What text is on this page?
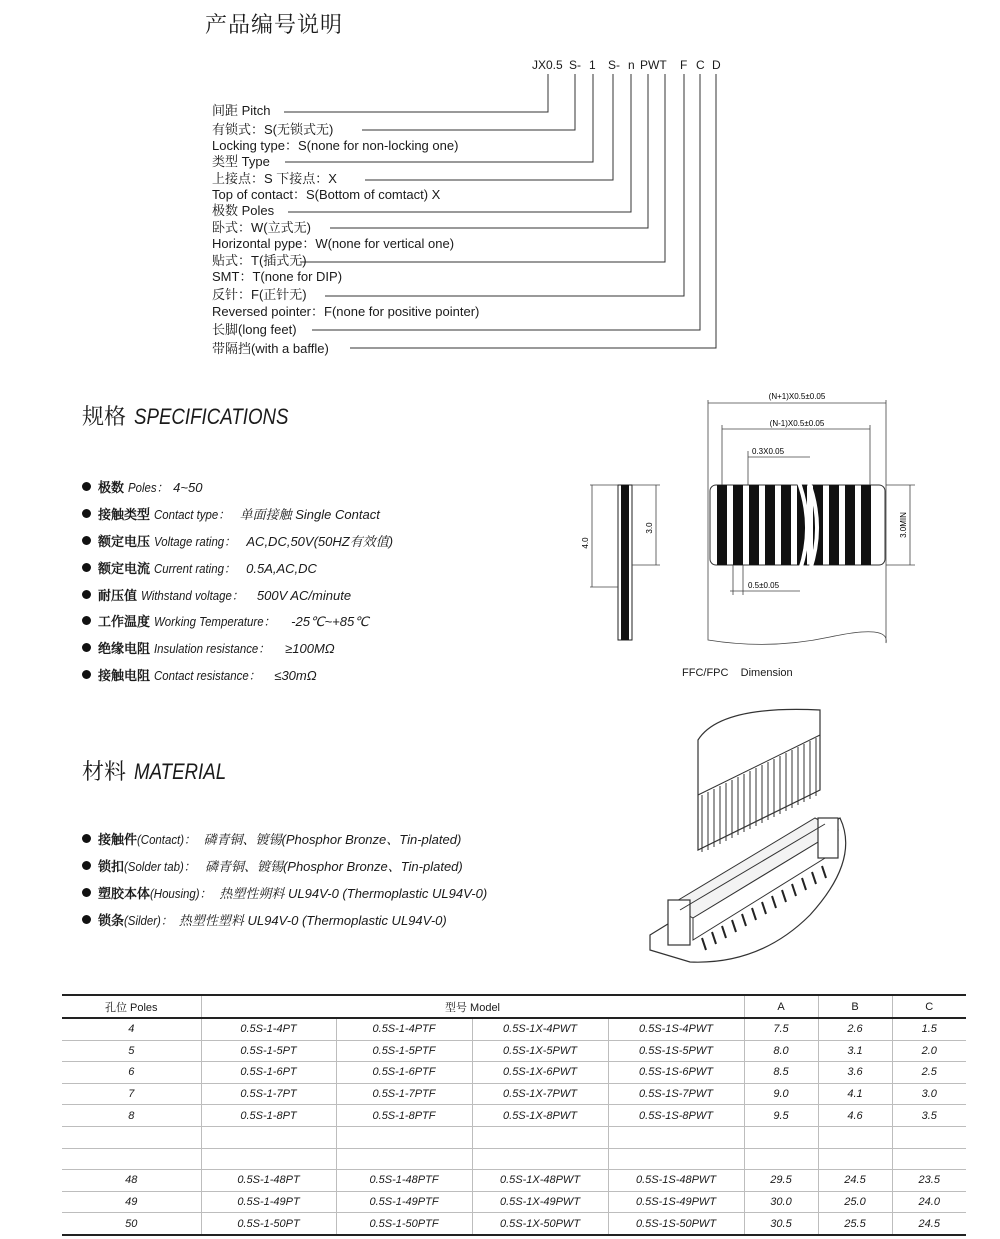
产品编号说明
JX0.5 S- 1 S- n PWT F C D
间距 Pitch
有锁式：S(无锁式无)
Locking type：S(none for non-locking one)
类型 Type
上接点：S 下接点：X
Top of contact：S(Bottom of comtact) X
极数 Poles
卧式：W(立式无)
Horizontal pype：W(none for vertical one)
贴式：T(插式无)
SMT：T(none for DIP)
反针：F(正针无)
Reversed pointer：F(none for positive pointer)
长脚(long feet)
带隔挡(with a baffle)
规格 SPECIFICATIONS
极数 Poles： 4~50
接触类型 Contact type： 单面接触 Single Contact
额定电压 Voltage rating： AC,DC,50V(50HZ有效值)
额定电流 Current rating： 0.5A,AC,DC
耐压值 Withstand voltage： 500V AC/minute
工作温度 Working Temperature： -25℃~+85℃
绝缘电阻 Insulation resistance： ≥100MΩ
接触电阻 Contact resistance： ≤30mΩ
4.0
3.0
(N+1)X0.5±0.05
(N-1)X0.5±0.05
0.3X0.05
0.5±0.05
3.0MIN
FFC/FPC    Dimension
材料 MATERIAL
接触件(Contact)： 磷青铜、镀锡(Phosphor Bronze、Tin-plated)
锁扣(Solder tab)： 磷青铜、镀锡(Phosphor Bronze、Tin-plated)
塑胶本体(Housing)： 热塑性朔料 UL94V-0 (Thermoplastic UL94V-0)
锁条(Silder)： 热塑性塑料 UL94V-0 (Thermoplastic UL94V-0)
孔位 Poles	型号 Model				A	B	C
4	0.5S-1-4PT	0.5S-1-4PTF	0.5S-1X-4PWT	0.5S-1S-4PWT	7.5	2.6	1.5
5	0.5S-1-5PT	0.5S-1-5PTF	0.5S-1X-5PWT	0.5S-1S-5PWT	8.0	3.1	2.0
6	0.5S-1-6PT	0.5S-1-6PTF	0.5S-1X-6PWT	0.5S-1S-6PWT	8.5	3.6	2.5
7	0.5S-1-7PT	0.5S-1-7PTF	0.5S-1X-7PWT	0.5S-1S-7PWT	9.0	4.1	3.0
8	0.5S-1-8PT	0.5S-1-8PTF	0.5S-1X-8PWT	0.5S-1S-8PWT	9.5	4.6	3.5

48	0.5S-1-48PT	0.5S-1-48PTF	0.5S-1X-48PWT	0.5S-1S-48PWT	29.5	24.5	23.5
49	0.5S-1-49PT	0.5S-1-49PTF	0.5S-1X-49PWT	0.5S-1S-49PWT	30.0	25.0	24.0
50	0.5S-1-50PT	0.5S-1-50PTF	0.5S-1X-50PWT	0.5S-1S-50PWT	30.5	25.5	24.5
